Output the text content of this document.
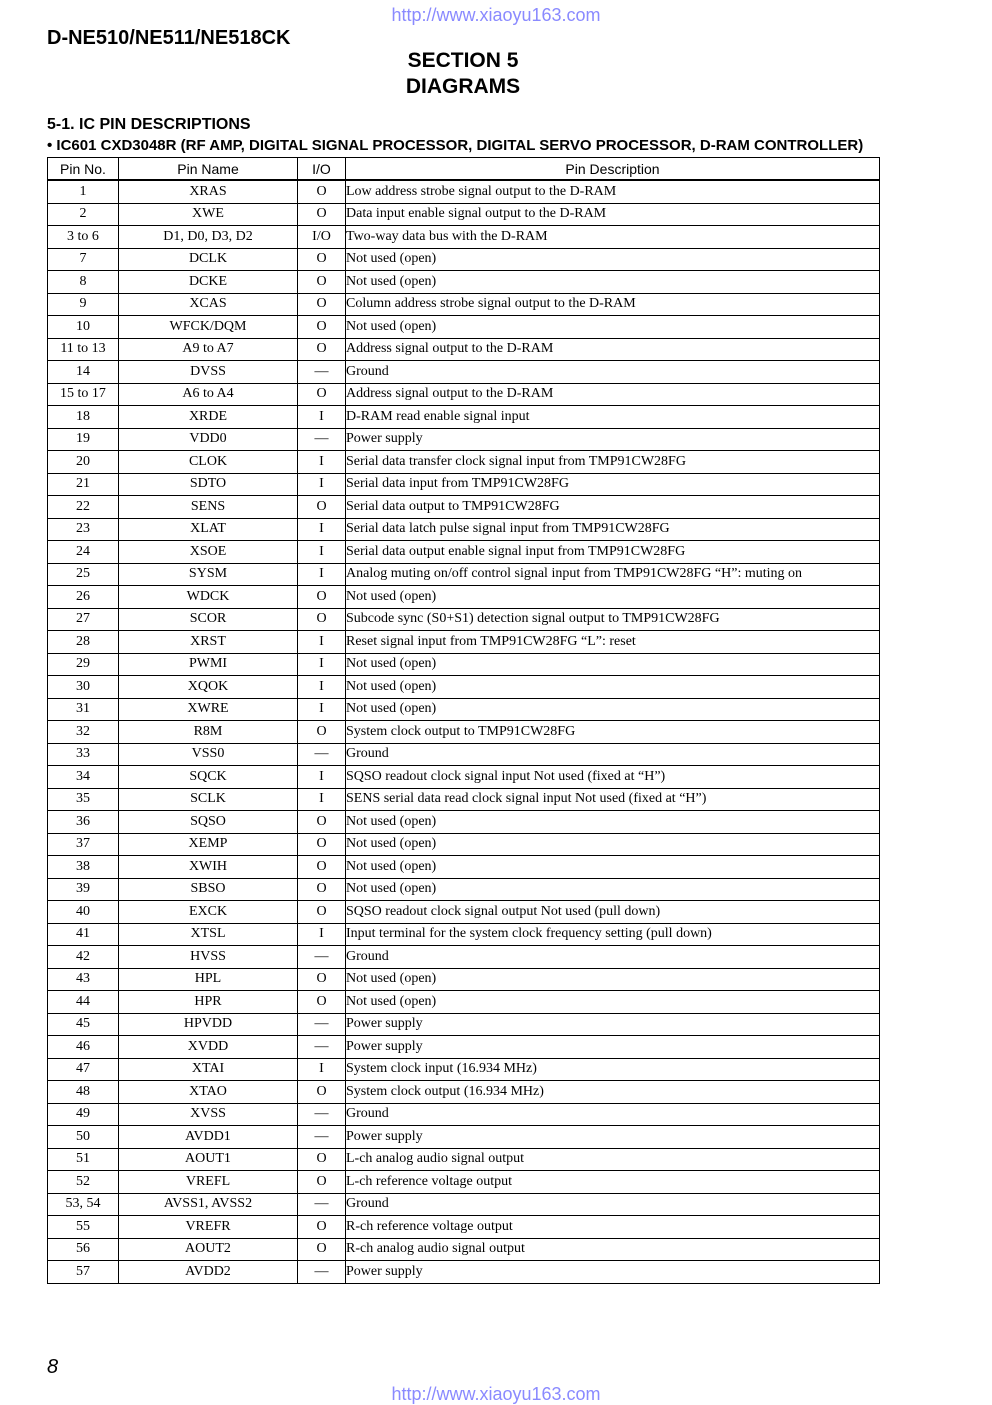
http://www.xiaoyu163.com
D-NE510/NE511/NE518CK
SECTION 5
DIAGRAMS
5-1. IC PIN DESCRIPTIONS
• IC601 CXD3048R (RF AMP, DIGITAL SIGNAL PROCESSOR, DIGITAL SERVO PROCESSOR, D-RAM CONTROLLER)
Pin No.	Pin Name	I/O	Pin Description
1	XRAS	O	Low address strobe signal output to the D-RAM
2	XWE	O	Data input enable signal output to the D-RAM
3 to 6	D1, D0, D3, D2	I/O	Two-way data bus with the D-RAM
7	DCLK	O	Not used (open)
8	DCKE	O	Not used (open)
9	XCAS	O	Column address strobe signal output to the D-RAM
10	WFCK/DQM	O	Not used (open)
11 to 13	A9 to A7	O	Address signal output to the D-RAM
14	DVSS	—	Ground
15 to 17	A6 to A4	O	Address signal output to the D-RAM
18	XRDE	I	D-RAM read enable signal input
19	VDD0	—	Power supply
20	CLOK	I	Serial data transfer clock signal input from TMP91CW28FG
21	SDTO	I	Serial data input from TMP91CW28FG
22	SENS	O	Serial data output to TMP91CW28FG
23	XLAT	I	Serial data latch pulse signal input from TMP91CW28FG
24	XSOE	I	Serial data output enable signal input from TMP91CW28FG
25	SYSM	I	Analog muting on/off control signal input from TMP91CW28FG “H”: muting on
26	WDCK	O	Not used (open)
27	SCOR	O	Subcode sync (S0+S1) detection signal output to TMP91CW28FG
28	XRST	I	Reset signal input from TMP91CW28FG “L”: reset
29	PWMI	I	Not used (open)
30	XQOK	I	Not used (open)
31	XWRE	I	Not used (open)
32	R8M	O	System clock output to TMP91CW28FG
33	VSS0	—	Ground
34	SQCK	I	SQSO readout clock signal input Not used (fixed at “H”)
35	SCLK	I	SENS serial data read clock signal input Not used (fixed at “H”)
36	SQSO	O	Not used (open)
37	XEMP	O	Not used (open)
38	XWIH	O	Not used (open)
39	SBSO	O	Not used (open)
40	EXCK	O	SQSO readout clock signal output Not used (pull down)
41	XTSL	I	Input terminal for the system clock frequency setting (pull down)
42	HVSS	—	Ground
43	HPL	O	Not used (open)
44	HPR	O	Not used (open)
45	HPVDD	—	Power supply
46	XVDD	—	Power supply
47	XTAI	I	System clock input (16.934 MHz)
48	XTAO	O	System clock output (16.934 MHz)
49	XVSS	—	Ground
50	AVDD1	—	Power supply
51	AOUT1	O	L-ch analog audio signal output
52	VREFL	O	L-ch reference voltage output
53, 54	AVSS1, AVSS2	—	Ground
55	VREFR	O	R-ch reference voltage output
56	AOUT2	O	R-ch analog audio signal output
57	AVDD2	—	Power supply
8
http://www.xiaoyu163.com
